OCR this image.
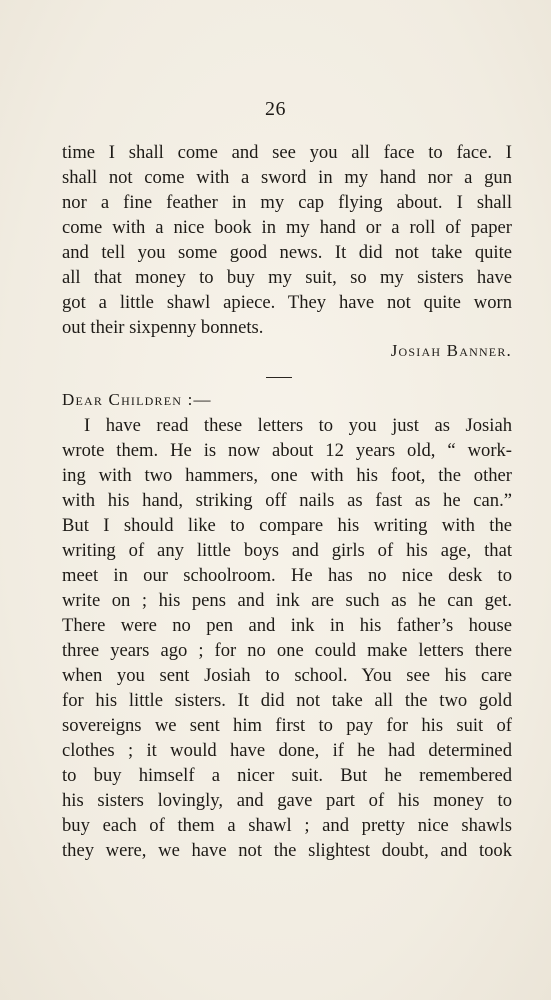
26
time I shall come and see you all face to face. I
shall not come with a sword in my hand nor a gun
nor a fine feather in my cap flying about. I shall
come with a nice book in my hand or a roll of paper
and tell you some good news. It did not take quite
all that money to buy my suit, so my sisters have
got a little shawl apiece. They have not quite worn
out their sixpenny bonnets.
Josiah Banner.
Dear Children :—
I have read these letters to you just as Josiah
wrote them. He is now about 12 years old, “ work-
ing with two hammers, one with his foot, the other
with his hand, striking off nails as fast as he can.”
But I should like to compare his writing with the
writing of any little boys and girls of his age, that
meet in our schoolroom. He has no nice desk to
write on ; his pens and ink are such as he can get.
There were no pen and ink in his father’s house
three years ago ; for no one could make letters there
when you sent Josiah to school. You see his care
for his little sisters. It did not take all the two gold
sovereigns we sent him first to pay for his suit of
clothes ; it would have done, if he had determined
to buy himself a nicer suit. But he remembered
his sisters lovingly, and gave part of his money to
buy each of them a shawl ; and pretty nice shawls
they were, we have not the slightest doubt, and took
